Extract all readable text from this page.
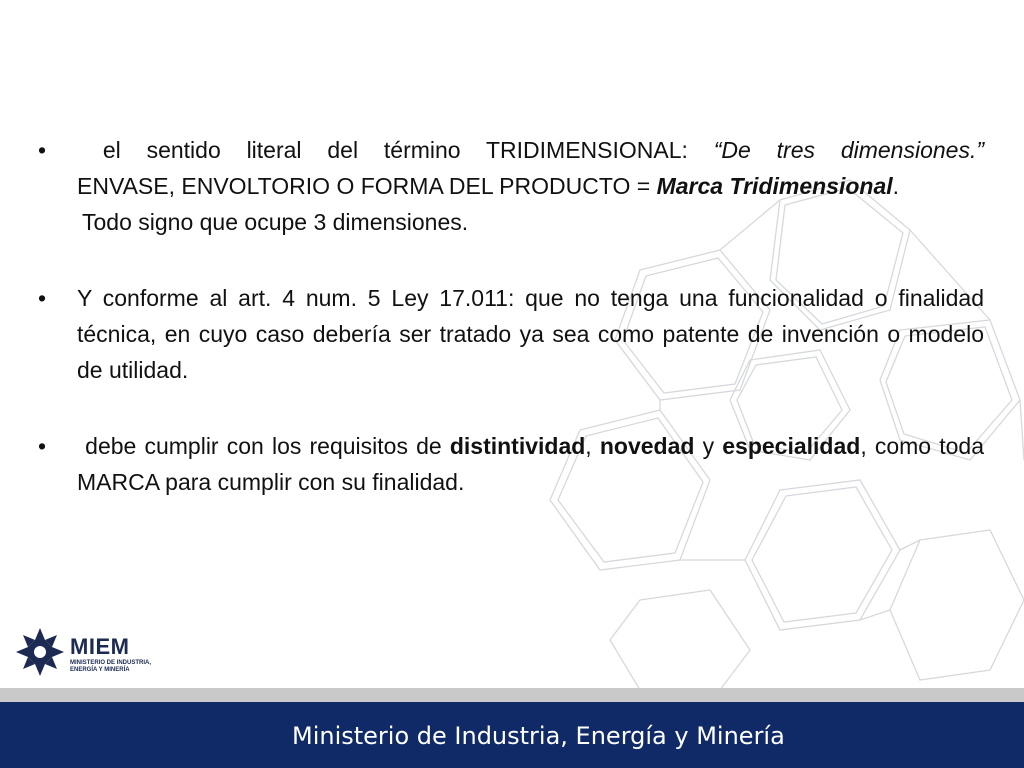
•	el sentido literal del término TRIDIMENSIONAL: “De tres dimensiones.”
ENVASE, ENVOLTORIO O FORMA DEL PRODUCTO = Marca Tridimensional.
Todo signo que ocupe 3 dimensiones.
•	Y conforme al art. 4 num. 5 Ley 17.011: que no tenga una funcionalidad o finalidad técnica, en cuyo caso debería ser tratado ya sea como patente de invención o modelo de utilidad.
•	debe cumplir con los requisitos de distintividad, novedad y especialidad, como toda MARCA para cumplir con su finalidad.
MIEM
MINISTERIO DE INDUSTRIA,
ENERGÍA Y MINERÍA
Ministerio de Industria, Energía y Minería
